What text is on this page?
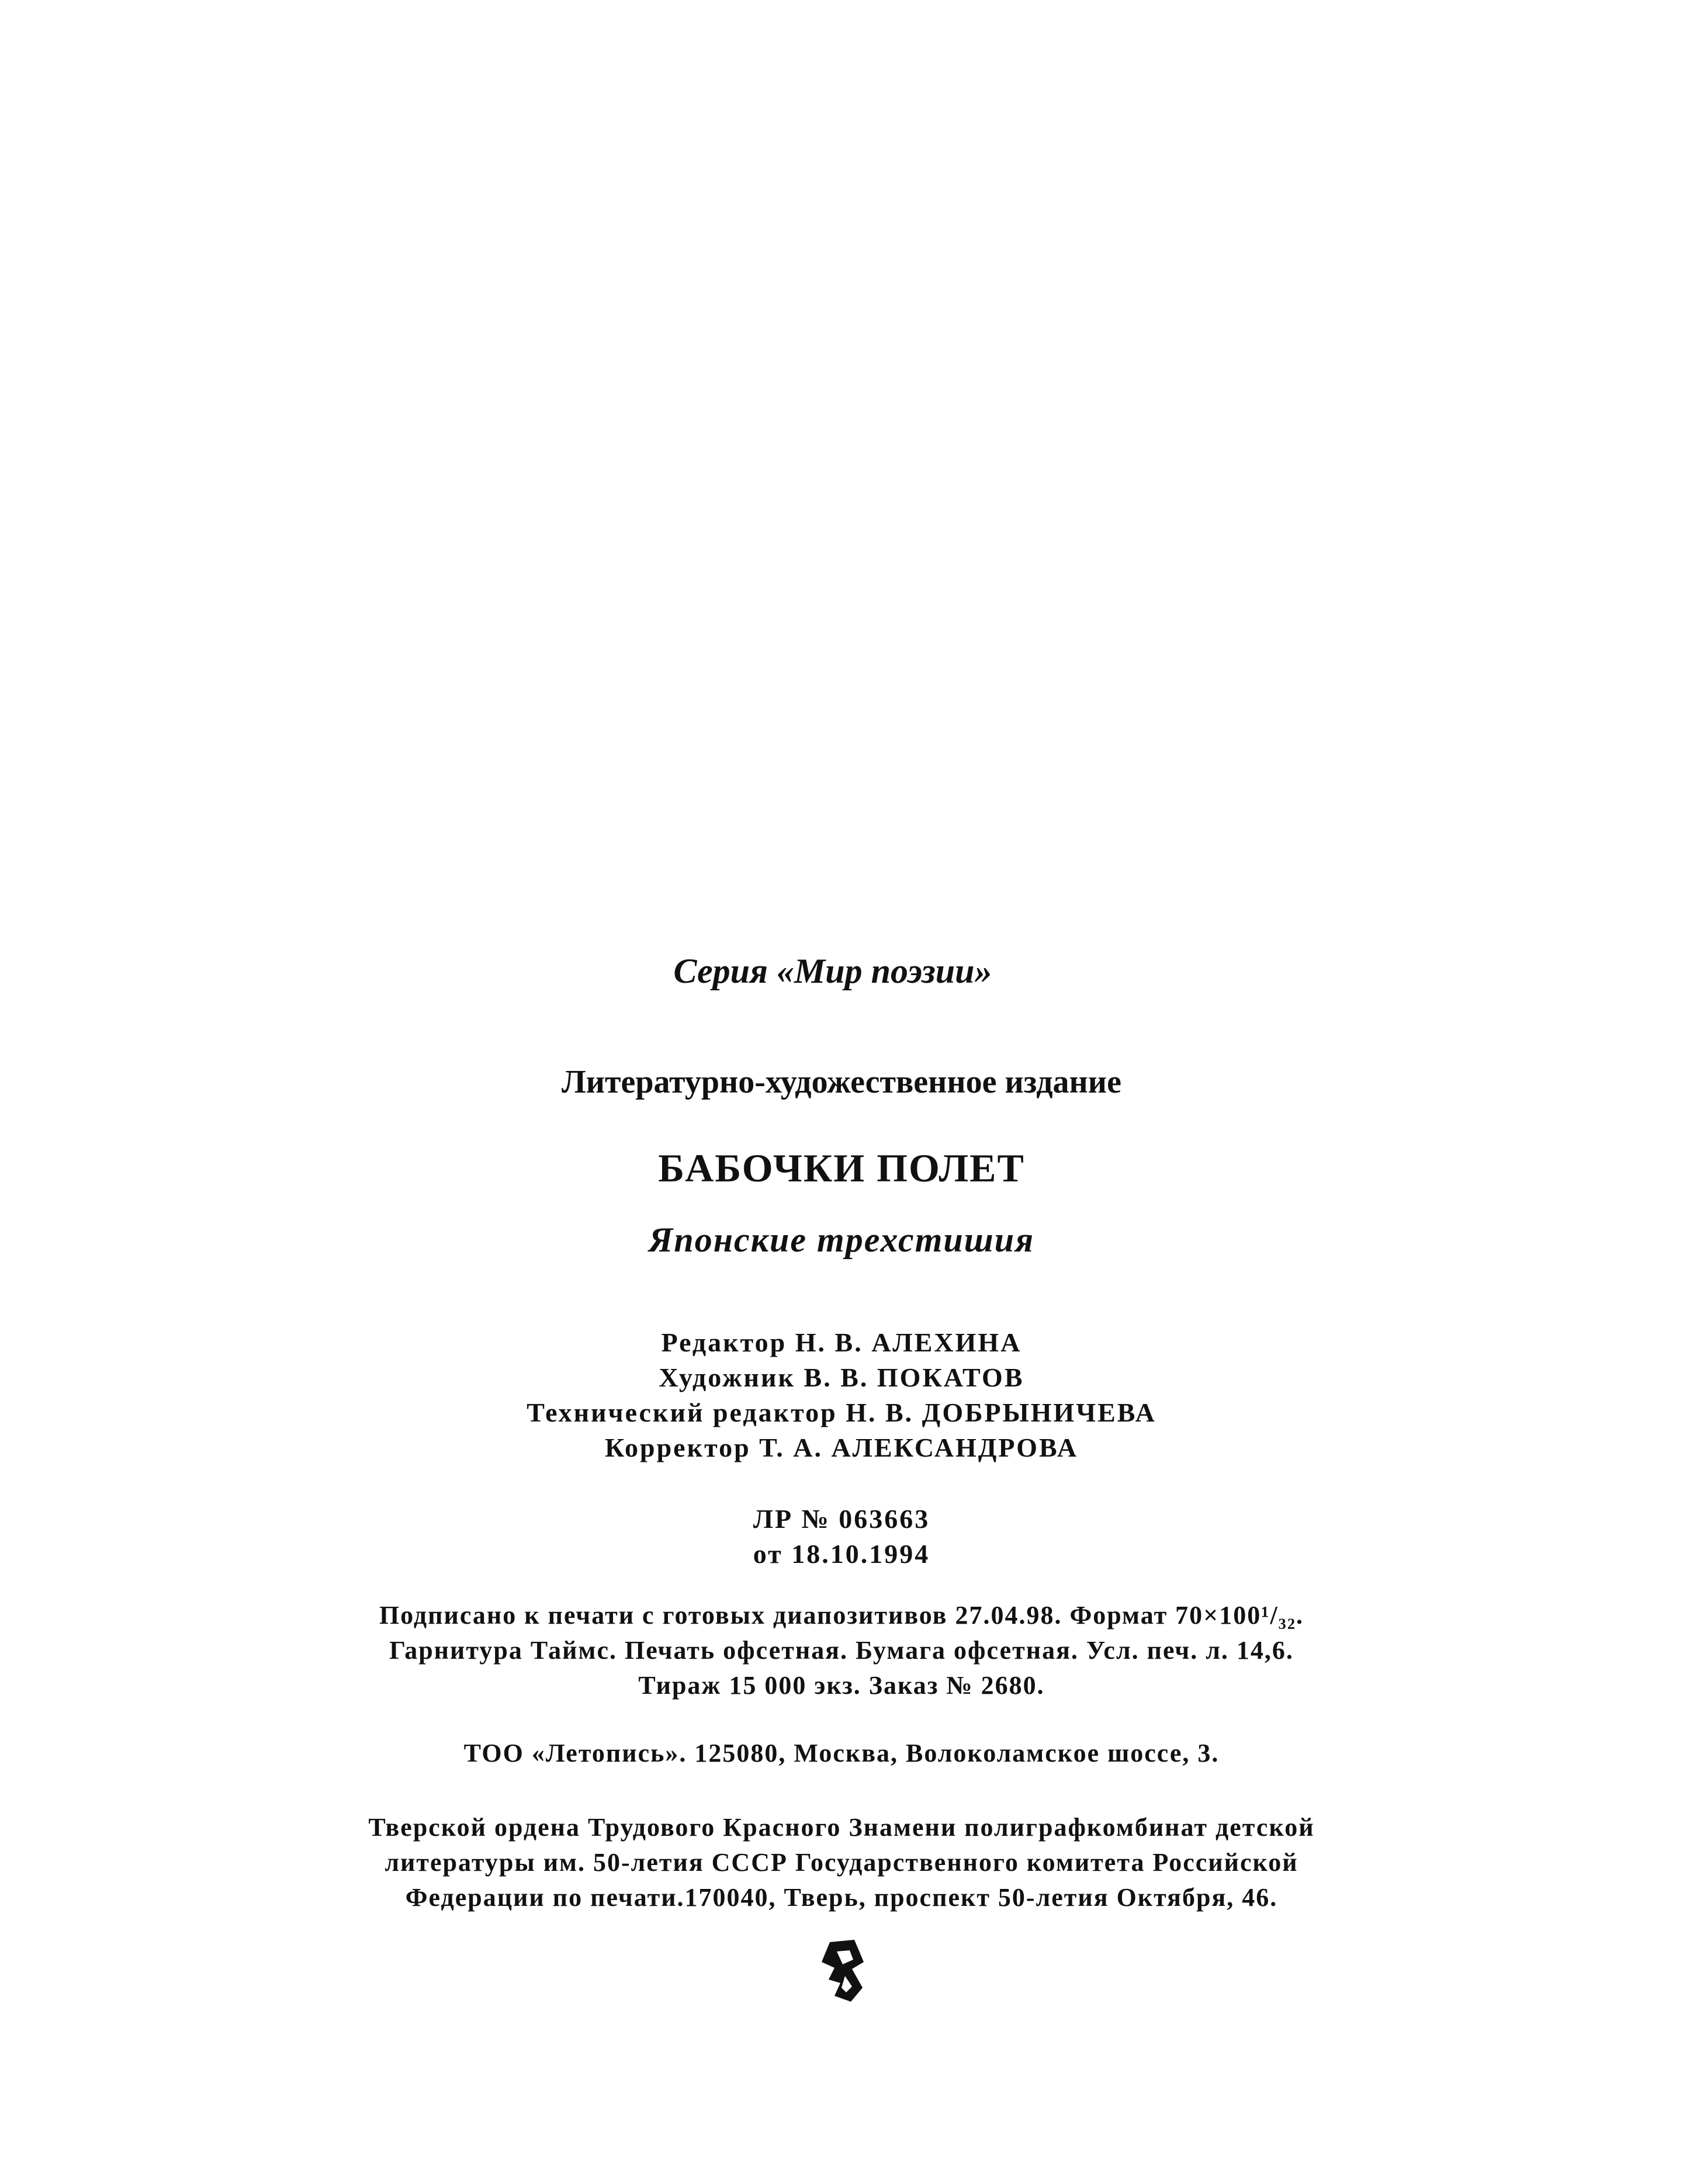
Серия «Мир поэзии»
Литературно-художественное издание
БАБОЧКИ ПОЛЕТ
Японские трехстишия
Редактор Н. В. АЛЕХИНА
Художник В. В. ПОКАТОВ
Технический редактор Н. В. ДОБРЫНИЧЕВА
Корректор Т. А. АЛЕКСАНДРОВА
ЛР № 063663
от 18.10.1994
Подписано к печати с готовых диапозитивов 27.04.98. Формат 70×100¹/₃₂.
Гарнитура Таймс. Печать офсетная. Бумага офсетная. Усл. печ. л. 14,6.
Тираж 15 000 экз. Заказ № 2680.
ТОО «Летопись». 125080, Москва, Волоколамское шоссе, 3.
Тверской ордена Трудового Красного Знамени полиграфкомбинат детской
литературы им. 50-летия СССР Государственного комитета Российской
Федерации по печати.170040, Тверь, проспект 50-летия Октября, 46.
